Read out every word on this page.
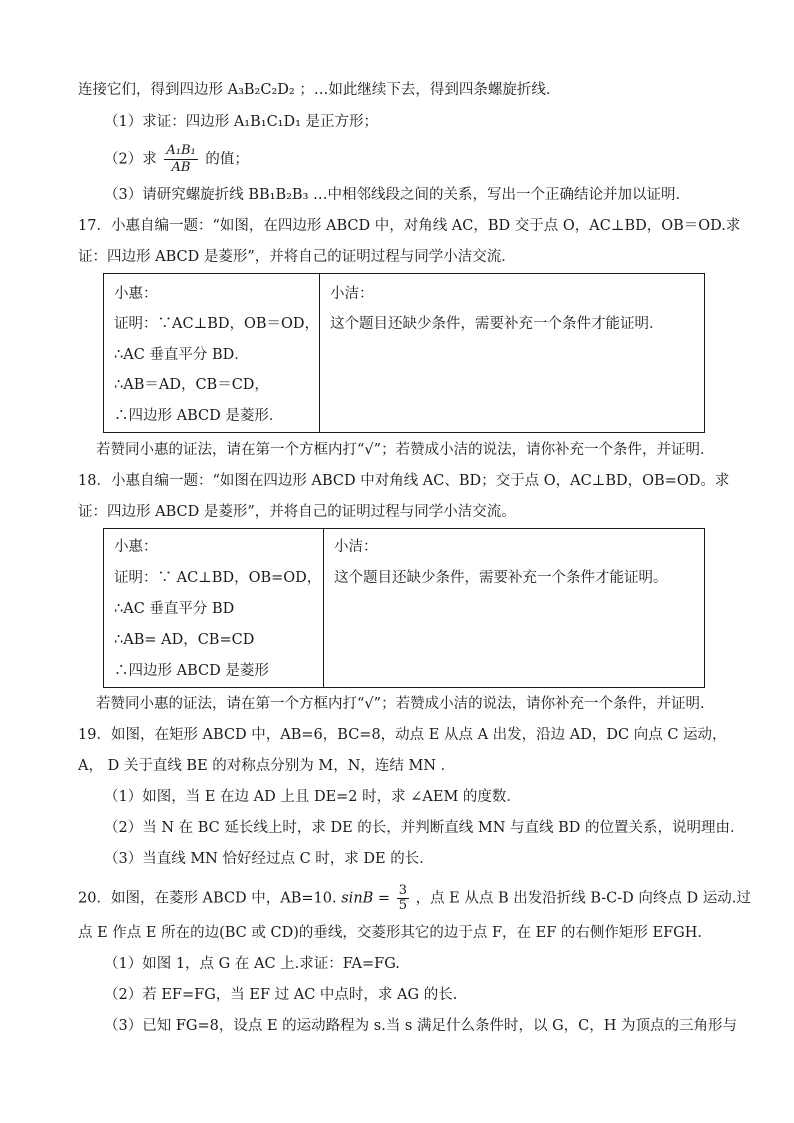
连接它们，得到四边形 A₃B₂C₂D₂ ；…如此继续下去，得到四条螺旋折线．
（1）求证：四边形 A₁B₁C₁D₁ 是正方形；
（2）求 $\frac{\text{A₁B₁}}{AB}$ 的值；
（3）请研究螺旋折线 BB₁B₂B₃ …中相邻线段之间的关系，写出一个正确结论并加以证明．
17．小惠自编一题：“如图，在四边形 ABCD 中，对角线 AC，BD 交于点 O，AC⊥BD，OB＝OD.求
证：四边形 ABCD 是菱形”，并将自己的证明过程与同学小洁交流．
小惠：
证明：∵AC⊥BD，OB＝OD，
∴AC 垂直平分 BD．
∴AB＝AD，CB＝CD，
∴四边形 ABCD 是菱形．
小洁：
这个题目还缺少条件，需要补充一个条件才能证明．
若赞同小惠的证法，请在第一个方框内打“√”；若赞成小洁的说法，请你补充一个条件，并证明．
18．小惠自编一题：“如图在四边形 ABCD 中对角线 AC、BD；交于点 O，AC⊥BD，OB=OD。求
证：四边形 ABCD 是菱形”，并将自己的证明过程与同学小洁交流。
小惠：
证明：∵ AC⊥BD，OB=OD，
∴AC 垂直平分 BD
∴AB= AD，CB=CD
∴四边形 ABCD 是菱形
小洁：
这个题目还缺少条件，需要补充一个条件才能证明。
若赞同小惠的证法，请在第一个方框内打“√”；若赞成小洁的说法，请你补充一个条件，并证明．
19．如图，在矩形 ABCD 中，AB=6，BC=8，动点 E 从点 A 出发，沿边 AD，DC 向点 C 运动，
A， D 关于直线 BE 的对称点分别为 M，N，连结 MN ．
（1）如图，当 E 在边 AD 上且 DE=2 时，求 ∠AEM 的度数．
（2）当 N 在 BC 延长线上时，求 DE 的长，并判断直线 MN 与直线 BD 的位置关系，说明理由．
（3）当直线 MN 恰好经过点 C 时，求 DE 的长．
20．如图，在菱形 ABCD 中，AB=10. $\sin B = \frac{3}{5}$ ，点 E 从点 B 出发沿折线 B-C-D 向终点 D 运动.过
点 E 作点 E 所在的边(BC 或 CD)的垂线，交菱形其它的边于点 F，在 EF 的右侧作矩形 EFGH.
（1）如图 1，点 G 在 AC 上.求证：FA=FG.
（2）若 EF=FG，当 EF 过 AC 中点时，求 AG 的长.
（3）已知 FG=8，设点 E 的运动路程为 s.当 s 满足什么条件时，以 G，C，H 为顶点的三角形与
